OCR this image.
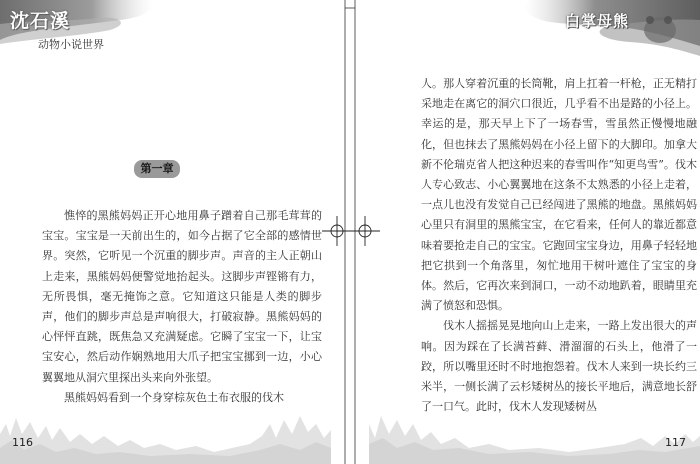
沈石溪
动物小说世界
第一章

憔悴的黑熊妈妈正开心地用鼻子蹭着自己那毛茸茸的宝宝。宝宝是一天前出生的，如今占据了它全部的感情世界。突然，它听见一个沉重的脚步声。声音的主人正朝山上走来，黑熊妈妈便警觉地抬起头。这脚步声铿锵有力，无所畏惧，毫无掩饰之意。它知道这只能是人类的脚步声，他们的脚步声总是声响很大，打破寂静。黑熊妈妈的心怦怦直跳，既焦急又充满疑虑。它瞬了宝宝一下，让宝宝安心，然后动作娴熟地用大爪子把宝宝挪到一边，小心翼翼地从洞穴里探出头来向外张望。

黑熊妈妈看到一个身穿棕灰色土布衣服的伐木

116
白掌母熊

人。那人穿着沉重的长筒靴，肩上扛着一杆枪，正无精打采地走在离它的洞穴口很近，几乎看不出是路的小径上。幸运的是，那天早上下了一场春雪，雪虽然正慢慢地融化，但也抹去了黑熊妈妈在小径上留下的大脚印。加拿大新不伦瑞克省人把这种迟来的春雪叫作“知更鸟雪”。伐木人专心致志、小心翼翼地在这条不太熟悉的小径上走着，一点儿也没有发觉自己已经闯进了黑熊的地盘。黑熊妈妈心里只有洞里的黑熊宝宝，在它看来，任何人的靠近都意味着要抢走自己的宝宝。它跑回宝宝身边，用鼻子轻轻地把它拱到一个角落里，匆忙地用干树叶遮住了宝宝的身体。然后，它再次来到洞口，一动不动地趴着，眼睛里充满了愤怒和恐惧。

伐木人摇摇晃晃地向山上走来，一路上发出很大的声响。因为踩在了长满苔藓、滑溜溜的石头上，他滑了一跤，所以嘴里还时不时地抱怨着。伐木人来到一块长约三米半，一侧长满了云杉矮树丛的接长平地后，满意地长舒了一口气。此时，伐木人发现矮树丛

117
